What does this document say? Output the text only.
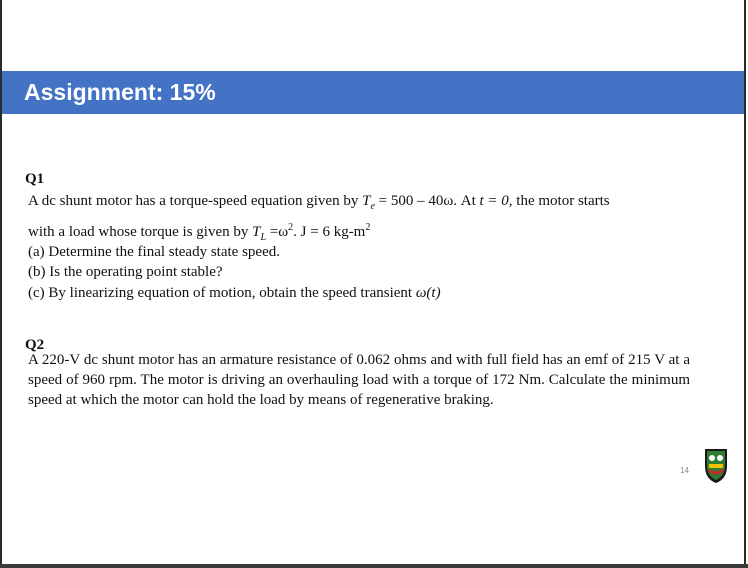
Assignment: 15%
Q1
A dc shunt motor has a torque-speed equation given by $T_e = 500 - 40\omega$. At t = 0, the motor starts
with a load whose torque is given by $T_L =\omega^2$. J = 6 $kg-m^2$
(a) Determine the final steady state speed.
(b) Is the operating point stable?
(c) By linearizing equation of motion, obtain the speed transient ω(t)
Q2
A 220-V dc shunt motor has an armature resistance of 0.062 ohms and with full field has an emf of 215 V at a speed of 960 rpm. The motor is driving an overhauling load with a torque of 172 Nm. Calculate the minimum speed at which the motor can hold the load by means of regenerative braking.
14
